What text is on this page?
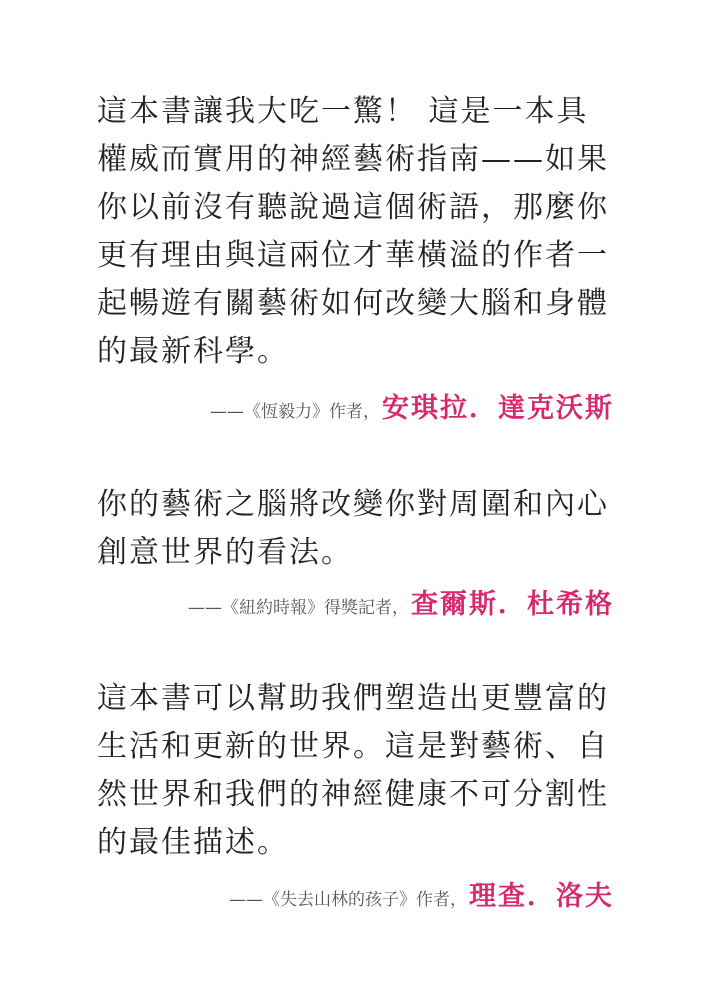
這本書讓我大吃一驚！ 這是一本具
權威而實用的神經藝術指南——如果
你以前沒有聽說過這個術語，那麼你
更有理由與這兩位才華橫溢的作者一
起暢遊有關藝術如何改變大腦和身體
的最新科學。

——《恆毅力》作者， 安琪拉．達克沃斯

你的藝術之腦將改變你對周圍和內心
創意世界的看法。

——《紐約時報》得獎記者， 查爾斯．杜希格

這本書可以幫助我們塑造出更豐富的
生活和更新的世界。這是對藝術、自
然世界和我們的神經健康不可分割性
的最佳描述。

——《失去山林的孩子》作者， 理查．洛夫
